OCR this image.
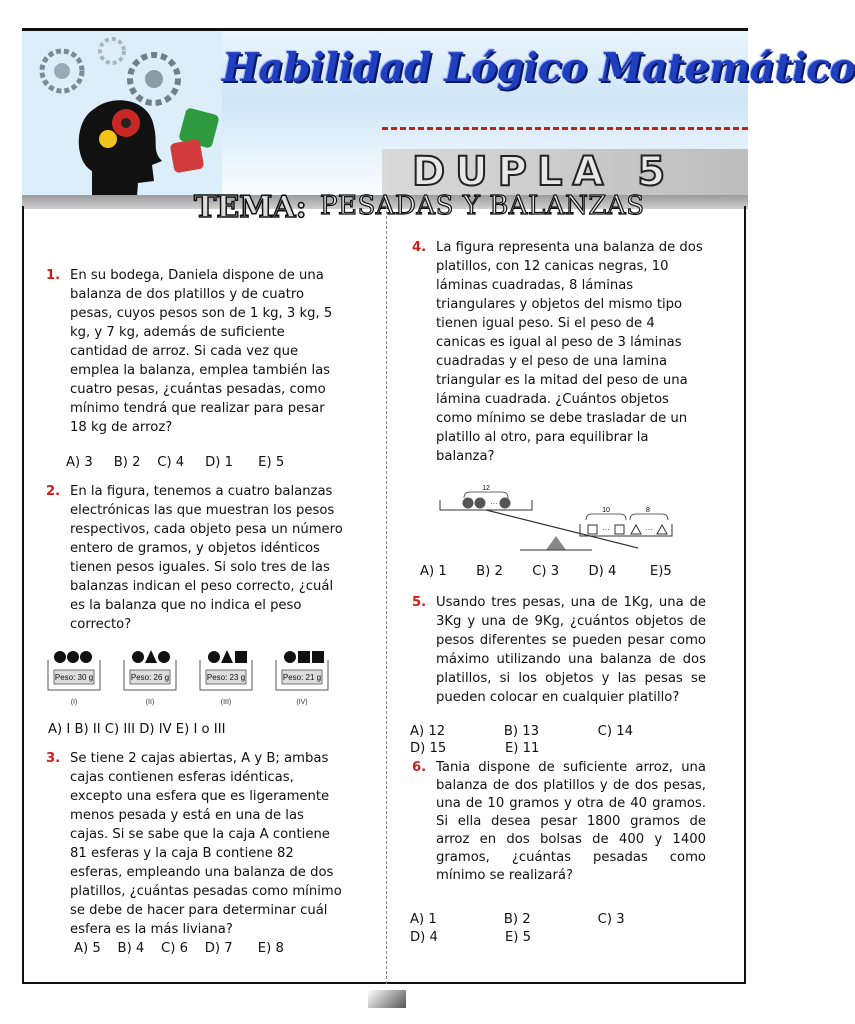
Habilidad Lógico Matemático
DUPLA 5
TEMA: PESADAS Y BALANZAS
1. En su bodega, Daniela dispone de una balanza de dos platillos y de cuatro pesas, cuyos pesos son de 1 kg, 3 kg, 5 kg, y 7 kg, además de suficiente cantidad de arroz. Si cada vez que emplea la balanza, emplea también las cuatro pesas, ¿cuántas pesadas, como mínimo tendrá que realizar para pesar 18 kg de arroz?
A) 3     B) 2    C) 4     D) 1      E) 5
2. En la figura, tenemos a cuatro balanzas electrónicas las que muestran los pesos respectivos, cada objeto pesa un número entero de gramos, y objetos idénticos tienen pesos iguales. Si solo tres de las balanzas indican el peso correcto, ¿cuál es la balanza que no indica el peso correcto?
Peso: 30 g
(I)
Peso: 26 g
(II)
Peso: 23 g
(III)
Peso: 21 g
(IV)
A) I B) II C) III D) IV E) I o III
3. Se tiene 2 cajas abiertas, A y B; ambas cajas contienen esferas idénticas, excepto una esfera que es ligeramente menos pesada y está en una de las cajas. Si se sabe que la caja A contiene 81 esferas y la caja B contiene 82 esferas, empleando una balanza de dos platillos, ¿cuántas pesadas como mínimo se debe de hacer para determinar cuál esfera es la más liviana?
A) 5    B) 4    C) 6    D) 7      E) 8
4. La figura representa una balanza de dos platillos, con 12 canicas negras, 10 láminas cuadradas, 8 láminas triangulares y objetos del mismo tipo tienen igual peso. Si el peso de 4 canicas es igual al peso de 3 láminas cuadradas y el peso de una lamina triangular es la mitad del peso de una lámina cuadrada. ¿Cuántos objetos como mínimo se debe trasladar de un platillo al otro, para equilibrar la balanza?
12
···
10	8
···	···
A) 1       B) 2       C) 3       D) 4        E)5
5. Usando tres pesas, una de 1Kg, una de 3Kg y una de 9Kg, ¿cuántos objetos de pesos diferentes se pueden pesar como máximo utilizando una balanza de dos platillos, si los objetos y las pesas se pueden colocar en cualquier platillo?
A) 12              B) 13              C) 14
D) 15              E) 11
6. Tania dispone de suficiente arroz, una balanza de dos platillos y de dos pesas, una de 10 gramos y otra de 40 gramos. Si ella desea pesar 1800 gramos de arroz en dos bolsas de 400 y 1400 gramos, ¿cuántas pesadas como mínimo se realizará?
A) 1                B) 2                C) 3
D) 4                E) 5
